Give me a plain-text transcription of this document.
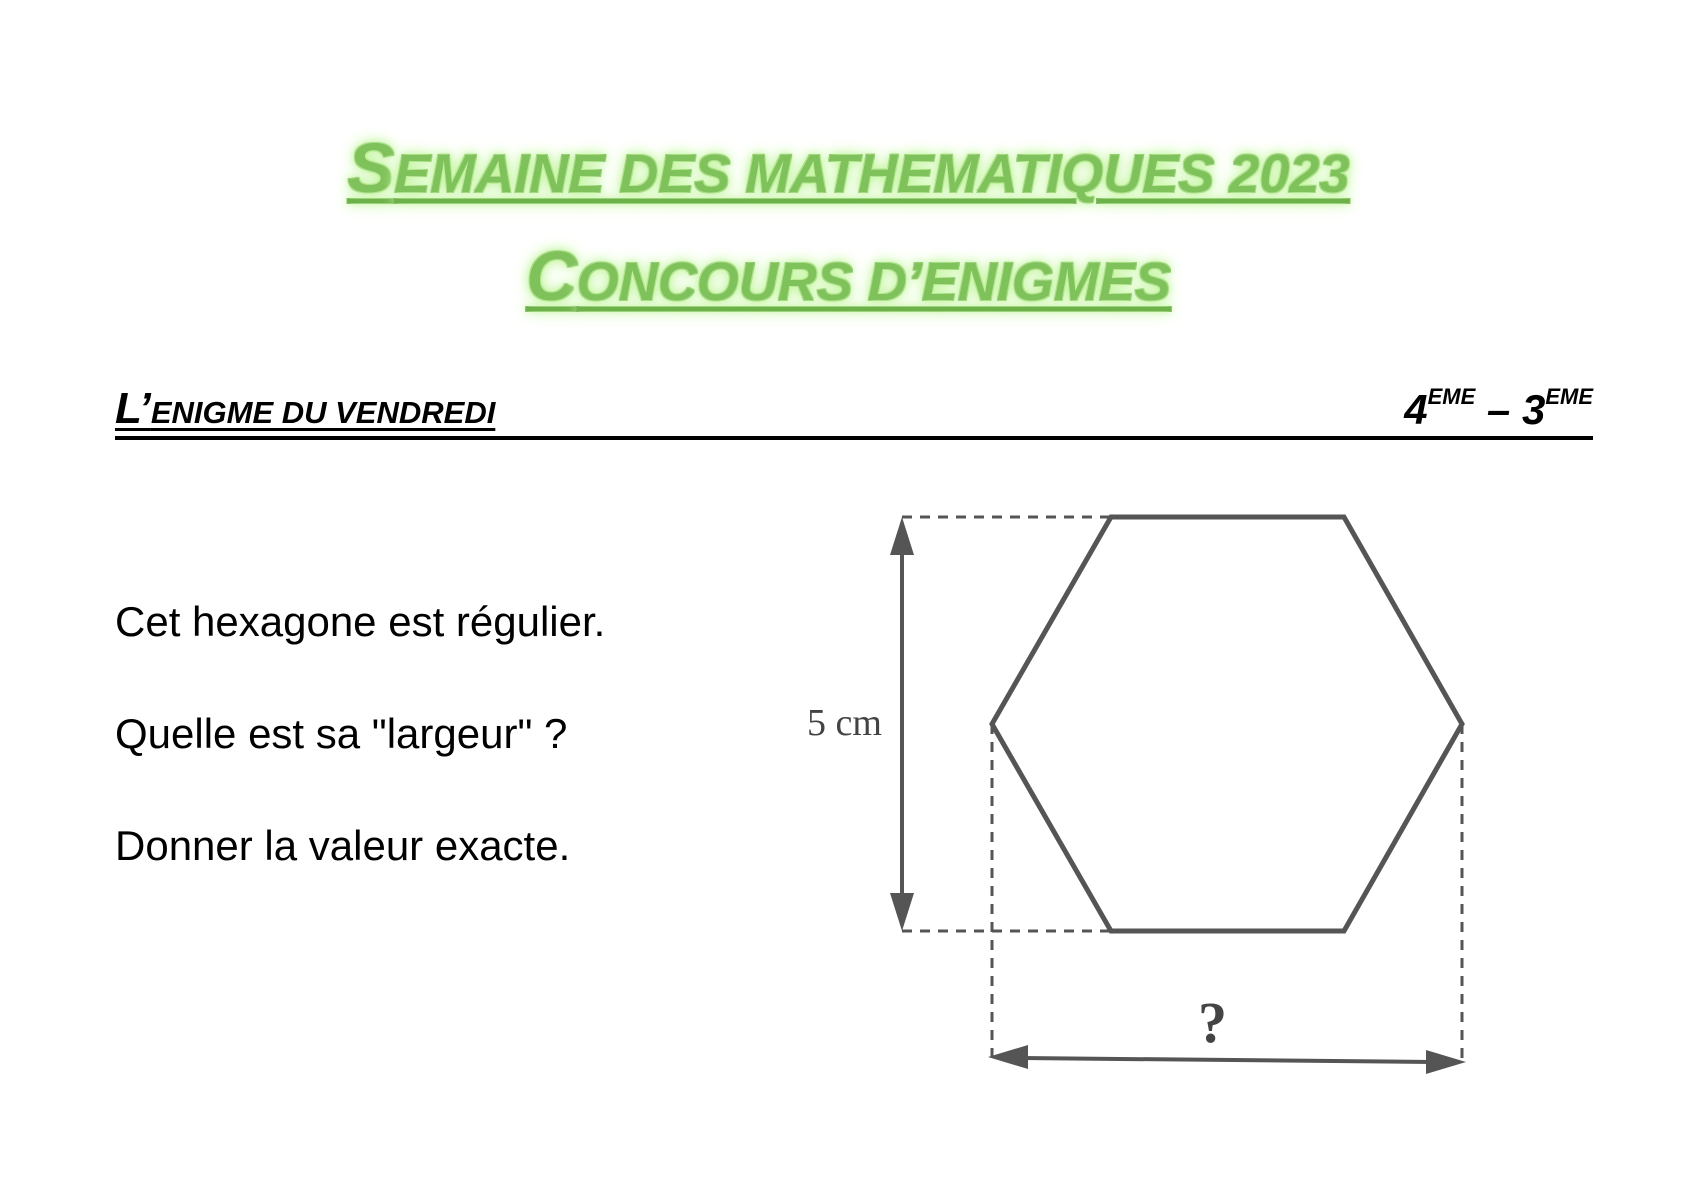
SEMAINE DES MATHEMATIQUES 2023
CONCOURS D’ENIGMES
L’ENIGME DU VENDREDI	4EME – 3EME
Cet hexagone est régulier.
Quelle est sa "largeur" ?
Donner la valeur exacte.
5 cm
?
